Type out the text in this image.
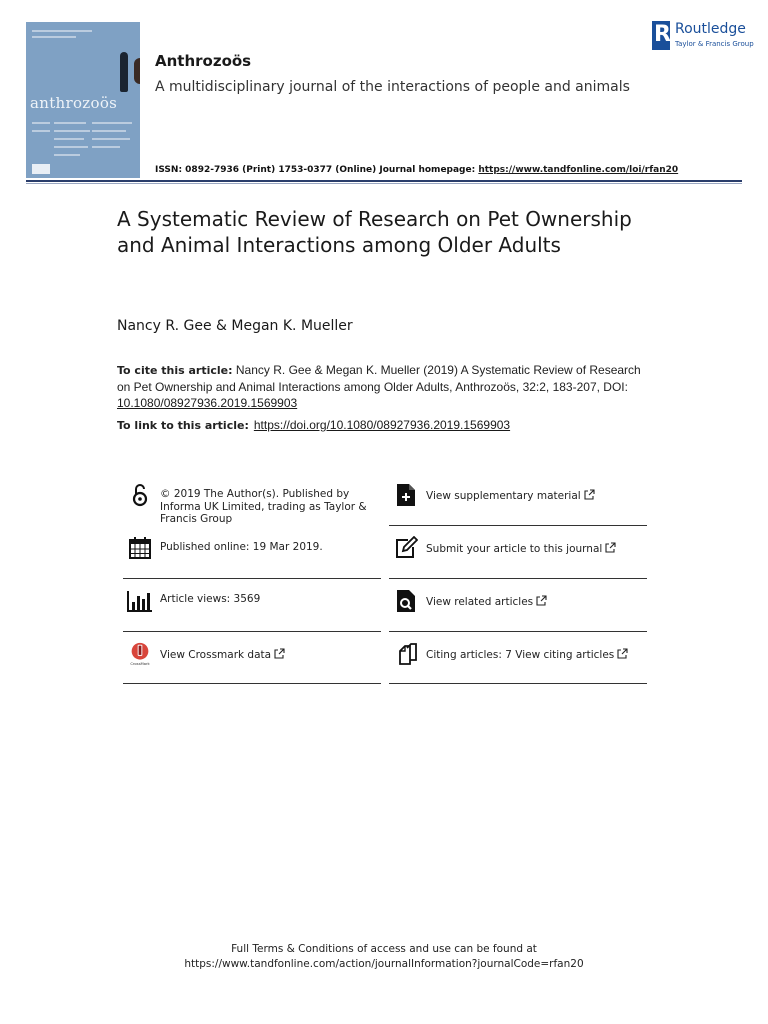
anthrozoös
Anthrozoös
A multidisciplinary journal of the interactions of people and animals
ISSN: 0892-7936 (Print) 1753-0377 (Online) Journal homepage: https://www.tandfonline.com/loi/rfan20
R Routledge
Taylor & Francis Group
A Systematic Review of Research on Pet Ownership and Animal Interactions among Older Adults
Nancy R. Gee & Megan K. Mueller
To cite this article: Nancy R. Gee & Megan K. Mueller (2019) A Systematic Review of Research on Pet Ownership and Animal Interactions among Older Adults, Anthrozoös, 32:2, 183-207, DOI: 10.1080/08927936.2019.1569903
To link to this article: https://doi.org/10.1080/08927936.2019.1569903
© 2019 The Author(s). Published by Informa UK Limited, trading as Taylor & Francis Group
View supplementary material
Published online: 19 Mar 2019.	Submit your article to this journal
Article views: 3569	View related articles
CrossMark
View Crossmark data	Citing articles: 7 View citing articles
Full Terms & Conditions of access and use can be found at
https://www.tandfonline.com/action/journalInformation?journalCode=rfan20
